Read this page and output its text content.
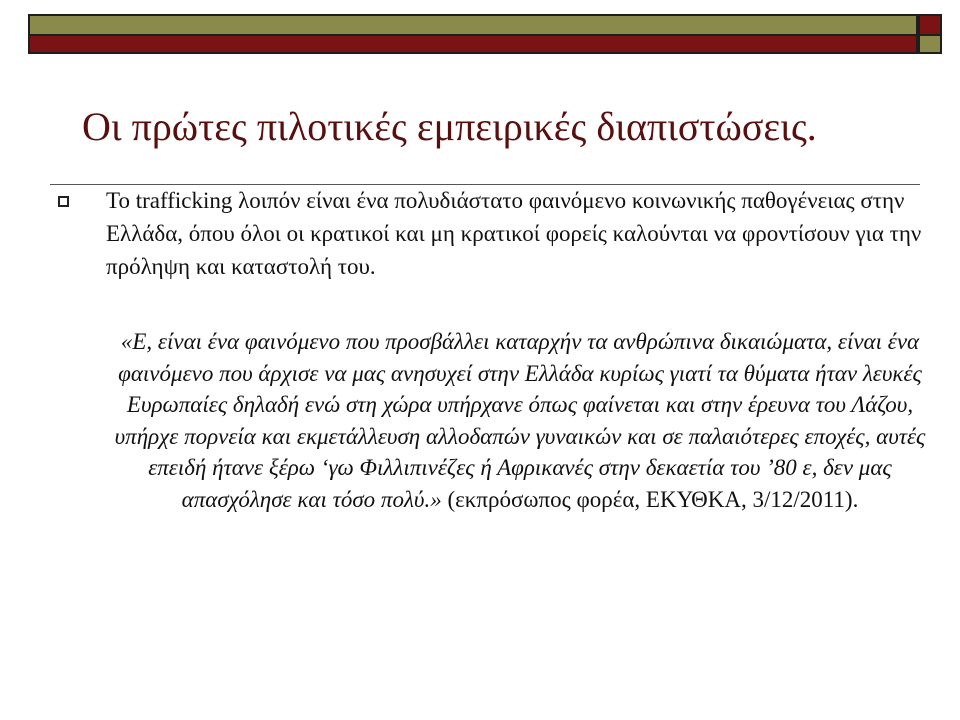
Οι πρώτες πιλοτικές εμπειρικές διαπιστώσεις.

Το trafficking λοιπόν είναι ένα πολυδιάστατο φαινόμενο κοινωνικής παθογένειας στην Ελλάδα, όπου όλοι οι κρατικοί και μη κρατικοί φορείς καλούνται να φροντίσουν για την πρόληψη και καταστολή του.

«Ε, είναι ένα φαινόμενο που προσβάλλει καταρχήν τα ανθρώπινα δικαιώματα, είναι ένα φαινόμενο που άρχισε να μας ανησυχεί στην Ελλάδα κυρίως γιατί τα θύματα ήταν λευκές Ευρωπαίες δηλαδή ενώ στη χώρα υπήρχανε όπως φαίνεται και στην έρευνα του Λάζου, υπήρχε πορνεία και εκμετάλλευση αλλοδαπών γυναικών και σε παλαιότερες εποχές, αυτές επειδή ήτανε ξέρω ‘γω Φιλλιπινέζες ή Αφρικανές στην δεκαετία του ’80 ε, δεν μας απασχόλησε και τόσο πολύ.» (εκπρόσωπος φορέα, ΕΚΥΘΚΑ, 3/12/2011).
